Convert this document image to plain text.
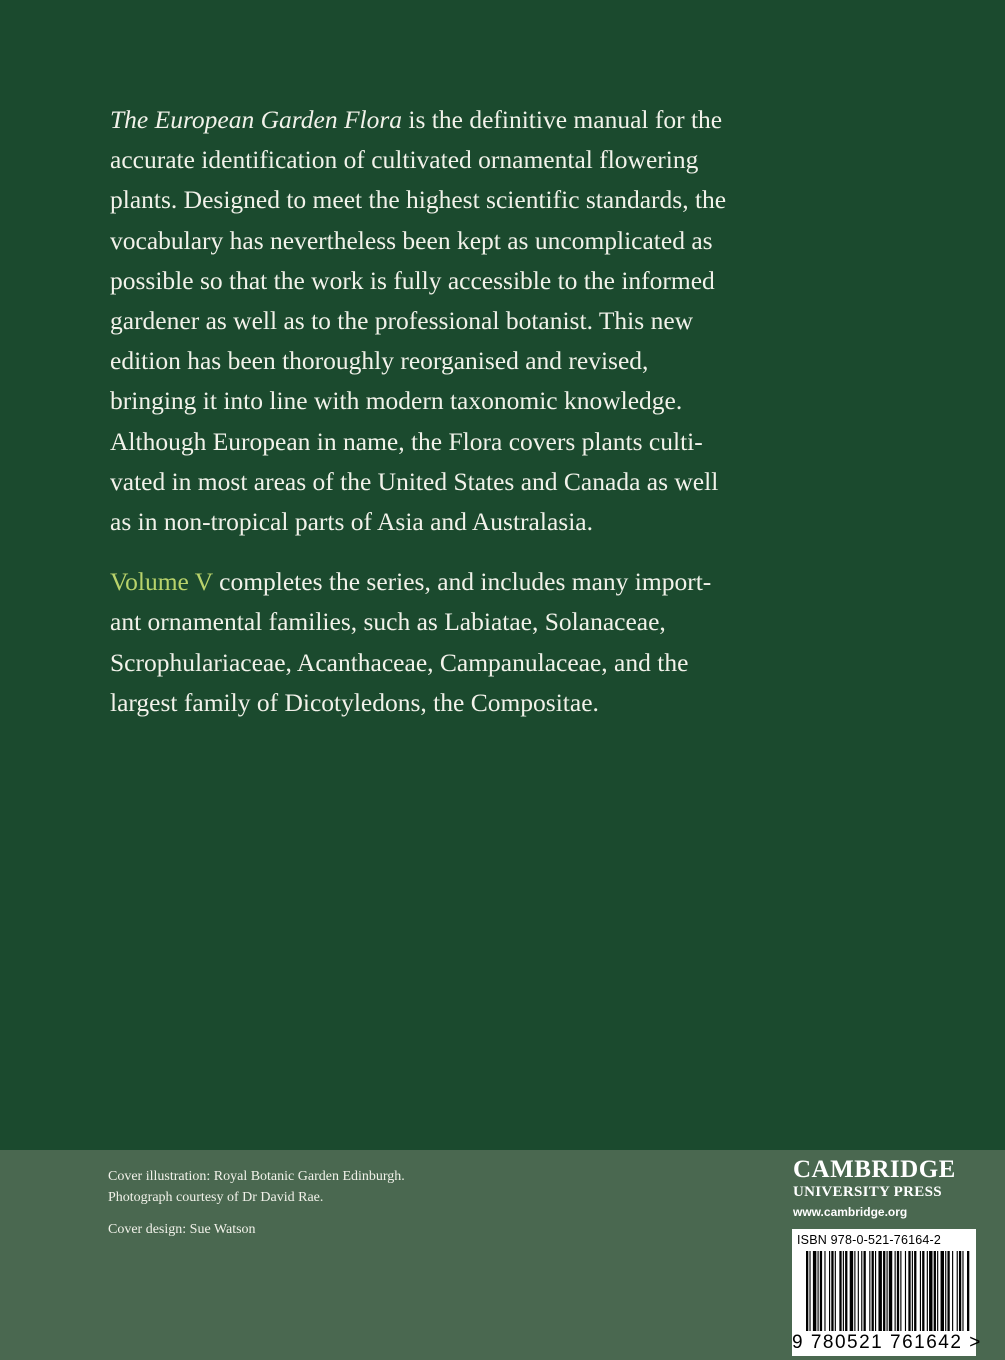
The European Garden Flora is the definitive manual for the
accurate identification of cultivated ornamental flowering
plants. Designed to meet the highest scientific standards, the
vocabulary has nevertheless been kept as uncomplicated as
possible so that the work is fully accessible to the informed
gardener as well as to the professional botanist. This new
edition has been thoroughly reorganised and revised,
bringing it into line with modern taxonomic knowledge.
Although European in name, the Flora covers plants culti-
vated in most areas of the United States and Canada as well
as in non-tropical parts of Asia and Australasia.

Volume V completes the series, and includes many import-
ant ornamental families, such as Labiatae, Solanaceae,
Scrophulariaceae, Acanthaceae, Campanulaceae, and the
largest family of Dicotyledons, the Compositae.

Cover illustration: Royal Botanic Garden Edinburgh.
Photograph courtesy of Dr David Rae.
Cover design: Sue Watson
CAMBRIDGE
UNIVERSITY PRESS
www.cambridge.org
ISBN 978-0-521-76164-2
9 780521 761642 >
